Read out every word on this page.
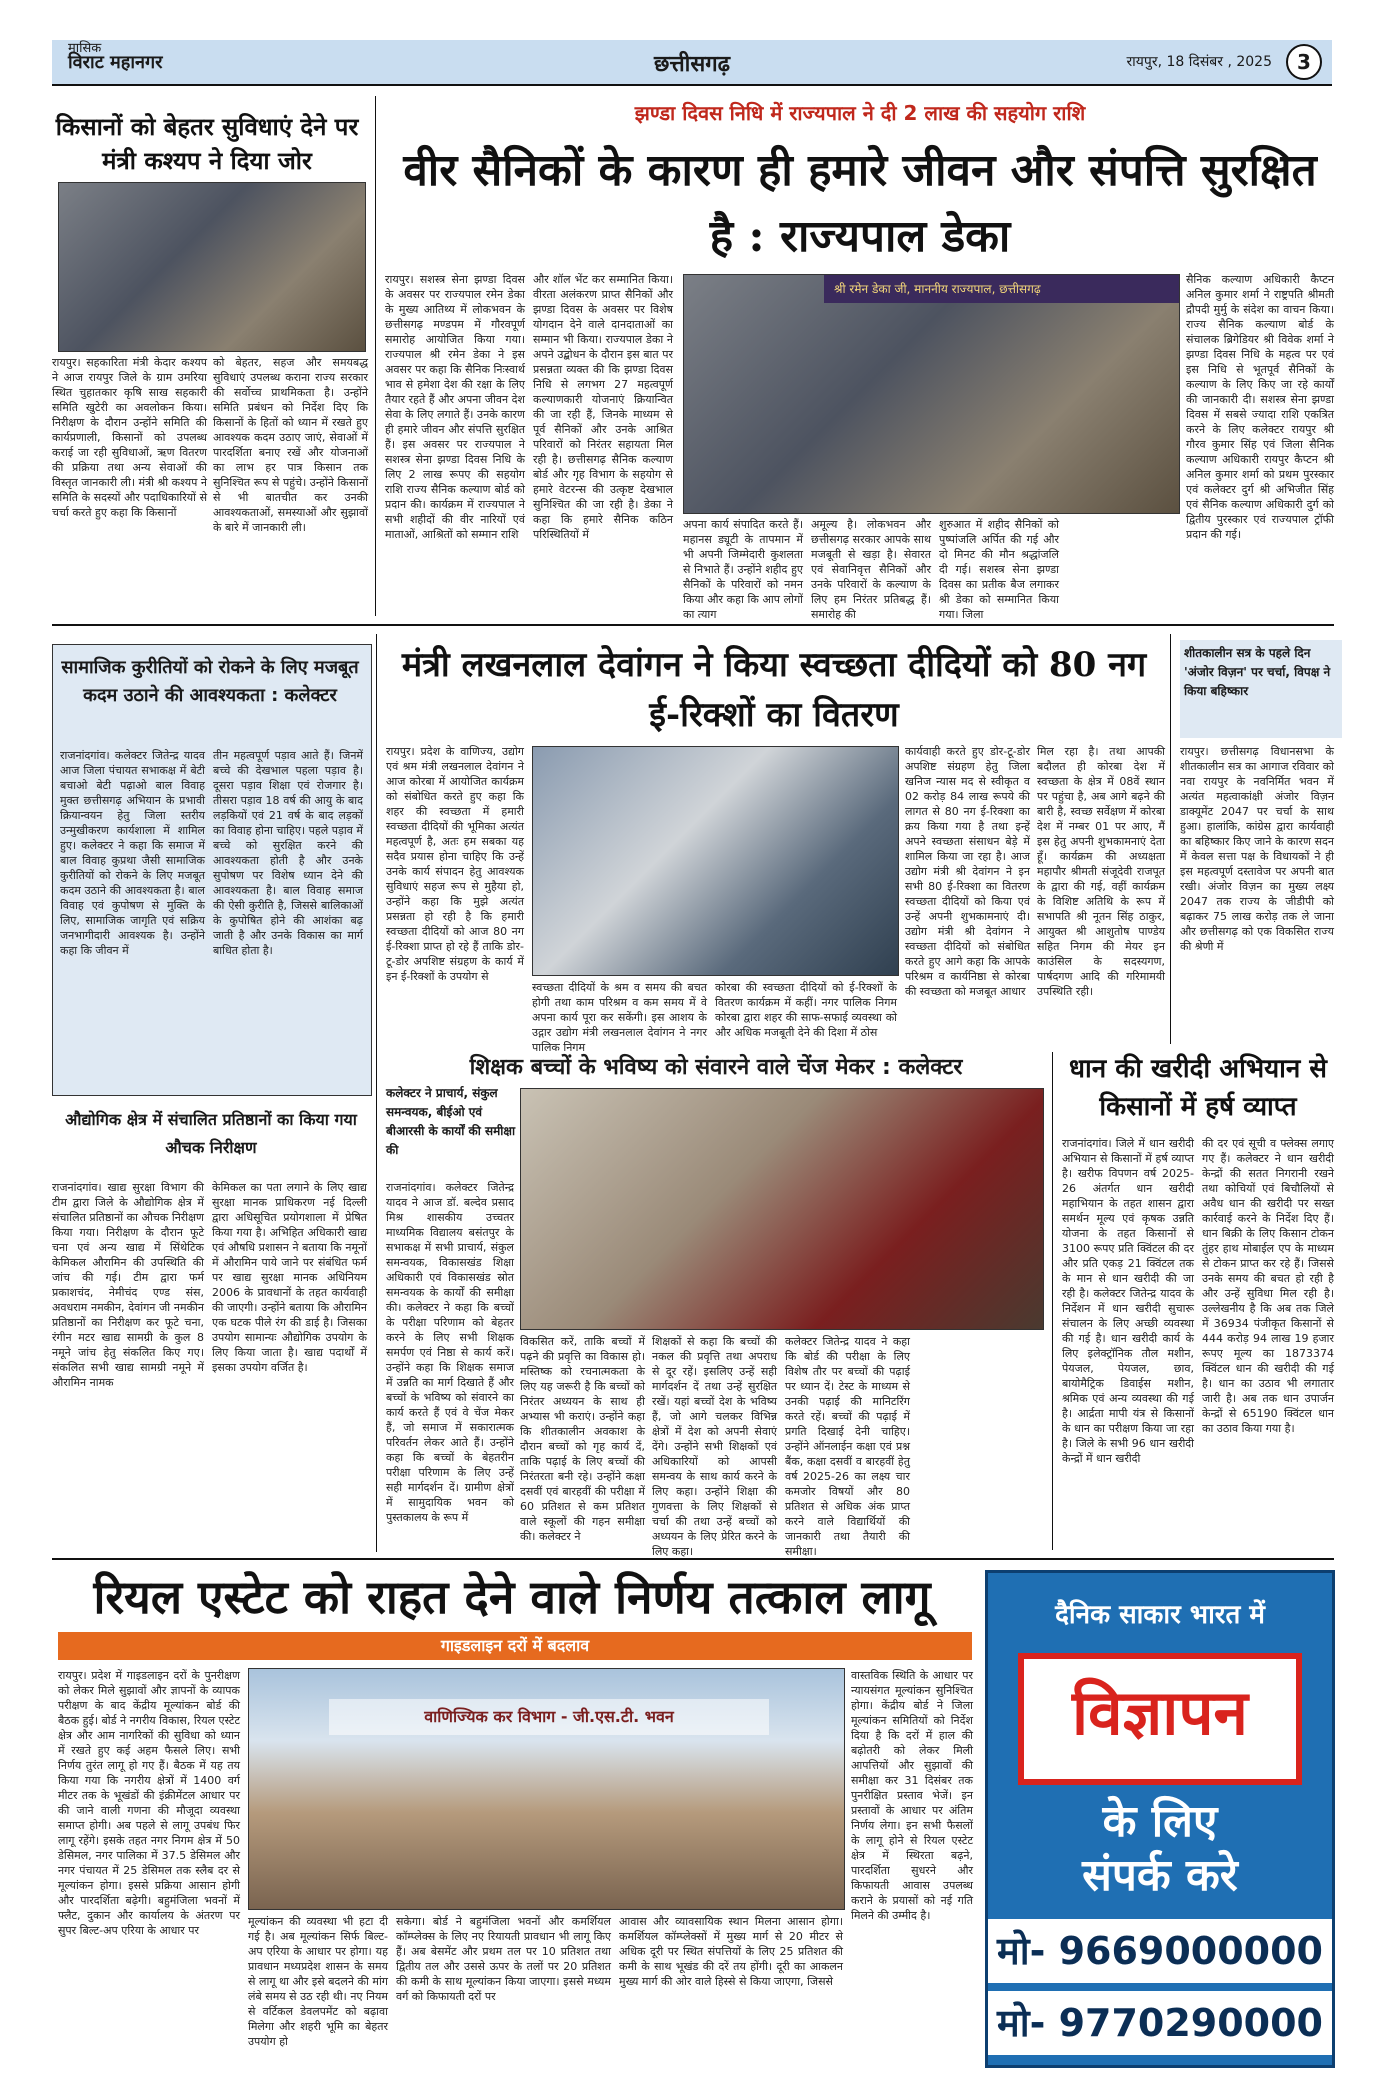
मासिक
विराट महानगर	छत्तीसगढ़	रायपुर, 18 दिसंबर , 2025	3
किसानों को बेहतर सुविधाएं देने पर मंत्री कश्यप ने दिया जोर
रायपुर। सहकारिता मंत्री केदार कश्यप ने आज रायपुर जिले के ग्राम उमरिया स्थित चुहातकार कृषि साख सहकारी समिति खुटेरी का अवलोकन किया। निरीक्षण के दौरान उन्होंने समिति की कार्यप्रणाली, किसानों को उपलब्ध कराई जा रही सुविधाओं, ऋण वितरण की प्रक्रिया तथा अन्य सेवाओं की विस्तृत जानकारी ली। मंत्री श्री कश्यप ने समिति के सदस्यों और पदाधिकारियों से चर्चा करते हुए कहा कि किसानों
को बेहतर, सहज और समयबद्ध सुविधाएं उपलब्ध कराना राज्य सरकार की सर्वोच्च प्राथमिकता है। उन्होंने समिति प्रबंधन को निर्देश दिए कि किसानों के हितों को ध्यान में रखते हुए आवश्यक कदम उठाए जाएं, सेवाओं में पारदर्शिता बनाए रखें और योजनाओं का लाभ हर पात्र किसान तक सुनिश्चित रूप से पहुंचे। उन्होंने किसानों से भी बातचीत कर उनकी आवश्यकताओं, समस्याओं और सुझावों के बारे में जानकारी ली।
झण्डा दिवस निधि में राज्यपाल ने दी 2 लाख की सहयोग राशि
वीर सैनिकों के कारण ही हमारे जीवन और संपत्ति सुरक्षित है : राज्यपाल डेका
रायपुर। सशस्त्र सेना झण्डा दिवस के अवसर पर राज्यपाल रमेन डेका के मुख्य आतिथ्य में लोकभवन के छत्तीसगढ़ मण्डपम में गौरवपूर्ण समारोह आयोजित किया गया। राज्यपाल श्री रमेन डेका ने इस अवसर पर कहा कि सैनिक निःस्वार्थ भाव से हमेशा देश की रक्षा के लिए तैयार रहते हैं और अपना जीवन देश सेवा के लिए लगाते हैं। उनके कारण ही हमारे जीवन और संपत्ति सुरक्षित हैं। इस अवसर पर राज्यपाल ने सशस्त्र सेना झण्डा दिवस निधि के लिए 2 लाख रूपए की सहयोग राशि राज्य सैनिक कल्याण बोर्ड को प्रदान की। कार्यक्रम में राज्यपाल ने सभी शहीदों की वीर नारियों एवं माताओं, आश्रितों को सम्मान राशि
और शॉल भेंट कर सम्मानित किया। वीरता अलंकरण प्राप्त सैनिकों और झण्डा दिवस के अवसर पर विशेष योगदान देने वाले दानदाताओं का सम्मान भी किया। राज्यपाल डेका ने अपने उद्बोधन के दौरान इस बात पर प्रसन्नता व्यक्त की कि झण्डा दिवस निधि से लगभग 27 महत्वपूर्ण कल्याणकारी योजनाएं क्रियान्वित की जा रही हैं, जिनके माध्यम से पूर्व सैनिकों और उनके आश्रित परिवारों को निरंतर सहायता मिल रही है। छत्तीसगढ़ सैनिक कल्याण बोर्ड और गृह विभाग के सहयोग से हमारे वेटरन्स की उत्कृष्ट देखभाल सुनिश्चित की जा रही है। डेका ने कहा कि हमारे सैनिक कठिन परिस्थितियों में
श्री रमेन डेका जी, माननीय राज्यपाल, छत्तीसगढ़
अपना कार्य संपादित करते हैं। महानस ड्यूटी के तापमान में भी अपनी जिम्मेदारी कुशलता से निभाते हैं। उन्होंने शहीद हुए सैनिकों के परिवारों को नमन किया और कहा कि आप लोगों का त्याग
अमूल्य है। लोकभवन और छत्तीसगढ़ सरकार आपके साथ मजबूती से खड़ा है। सेवारत एवं सेवानिवृत्त सैनिकों और उनके परिवारों के कल्याण के लिए हम निरंतर प्रतिबद्ध हैं। समारोह की
शुरुआत में शहीद सैनिकों को पुष्पांजलि अर्पित की गई और दो मिनट की मौन श्रद्धांजलि दी गई। सशस्त्र सेना झण्डा दिवस का प्रतीक बैज लगाकर श्री डेका को सम्मानित किया गया। जिला
सैनिक कल्याण अधिकारी कैप्टन अनिल कुमार शर्मा ने राष्ट्रपति श्रीमती द्रौपदी मुर्मु के संदेश का वाचन किया। राज्य सैनिक कल्याण बोर्ड के संचालक ब्रिगेडियर श्री विवेक शर्मा ने झण्डा दिवस निधि के महत्व पर एवं इस निधि से भूतपूर्व सैनिकों के कल्याण के लिए किए जा रहे कार्यों की जानकारी दी। सशस्त्र सेना झण्डा दिवस में सबसे ज्यादा राशि एकत्रित करने के लिए कलेक्टर रायपुर श्री गौरव कुमार सिंह एवं जिला सैनिक कल्याण अधिकारी रायपुर कैप्टन श्री अनिल कुमार शर्मा को प्रथम पुरस्कार एवं कलेक्टर दुर्ग श्री अभिजीत सिंह एवं सैनिक कल्याण अधिकारी दुर्ग को द्वितीय पुरस्कार एवं राज्यपाल ट्रॉफी प्रदान की गई।
सामाजिक कुरीतियों को रोकने के लिए मजबूत कदम उठाने की आवश्यकता : कलेक्टर
राजनांदगांव। कलेक्टर जितेन्द्र यादव आज जिला पंचायत सभाकक्ष में बेटी बचाओ बेटी पढ़ाओ बाल विवाह मुक्त छत्तीसगढ़ अभियान के प्रभावी क्रियान्वयन हेतु जिला स्तरीय उन्मुखीकरण कार्यशाला में शामिल हुए। कलेक्टर ने कहा कि समाज में बाल विवाह कुप्रथा जैसी सामाजिक कुरीतियों को रोकने के लिए मजबूत कदम उठाने की आवश्यकता है। बाल विवाह एवं कुपोषण से मुक्ति के लिए, सामाजिक जागृति एवं सक्रिय जनभागीदारी आवश्यक है। उन्होंने कहा कि जीवन में
तीन महत्वपूर्ण पड़ाव आते हैं। जिनमें बच्चे की देखभाल पहला पड़ाव है। दूसरा पड़ाव शिक्षा एवं रोजगार है। तीसरा पड़ाव 18 वर्ष की आयु के बाद लड़कियों एवं 21 वर्ष के बाद लड़कों का विवाह होना चाहिए। पहले पड़ाव में बच्चे को सुरक्षित करने की आवश्यकता होती है और उनके सुपोषण पर विशेष ध्यान देने की आवश्यकता है। बाल विवाह समाज की ऐसी कुरीति है, जिससे बालिकाओं के कुपोषित होने की आशंका बढ़ जाती है और उनके विकास का मार्ग बाधित होता है।
औद्योगिक क्षेत्र में संचालित प्रतिष्ठानों का किया गया औचक निरीक्षण
राजनांदगांव। खाद्य सुरक्षा विभाग की टीम द्वारा जिले के औद्योगिक क्षेत्र में संचालित प्रतिष्ठानों का औचक निरीक्षण किया गया। निरीक्षण के दौरान फूटे चना एवं अन्य खाद्य में सिंथेटिक केमिकल औरामिन की उपस्थिति की जांच की गई। टीम द्वारा फर्म प्रकाशचंद, नेमीचंद एण्ड संस, अवधराम नमकीन, देवांगन जी नमकीन प्रतिष्ठानों का निरीक्षण कर फूटे चना, रंगीन मटर खाद्य सामग्री के कुल 8 नमूने जांच हेतु संकलित किए गए। संकलित सभी खाद्य सामग्री नमूने में औरामिन नामक
केमिकल का पता लगाने के लिए खाद्य सुरक्षा मानक प्राधिकरण नई दिल्ली द्वारा अधिसूचित प्रयोगशाला में प्रेषित किया गया है। अभिहित अधिकारी खाद्य एवं औषधि प्रशासन ने बताया कि नमूनों में औरामिन पाये जाने पर संबंधित फर्म पर खाद्य सुरक्षा मानक अधिनियम 2006 के प्रावधानों के तहत कार्यवाही की जाएगी। उन्होंने बताया कि औरामिन एक घटक पीले रंग की डाई है। जिसका उपयोग सामान्यः औद्योगिक उपयोग के लिए किया जाता है। खाद्य पदार्थों में इसका उपयोग वर्जित है।
मंत्री लखनलाल देवांगन ने किया स्वच्छता दीदियों को 80 नग ई-रिक्शों का वितरण
रायपुर। प्रदेश के वाणिज्य, उद्योग एवं श्रम मंत्री लखनलाल देवांगन ने आज कोरबा में आयोजित कार्यक्रम को संबोधित करते हुए कहा कि शहर की स्वच्छता में हमारी स्वच्छता दीदियों की भूमिका अत्यंत महत्वपूर्ण है, अतः हम सबका यह सदैव प्रयास होना चाहिए कि उन्हें उनके कार्य संपादन हेतु आवश्यक सुविधाएं सहज रूप से मुहैया हो, उन्होंने कहा कि मुझे अत्यंत प्रसन्नता हो रही है कि हमारी स्वच्छता दीदियों को आज 80 नग ई-रिक्शा प्राप्त हो रहे हैं ताकि डोर-टू-डोर अपशिष्ट संग्रहण के कार्य में इन ई-रिक्शों के उपयोग से
स्वच्छता दीदियों के श्रम व समय की बचत होगी तथा काम परिश्रम व कम समय में वे अपना कार्य पूरा कर सकेंगी। इस आशय के उद्गार उद्योग मंत्री लखनलाल देवांगन ने नगर पालिक निगम
कोरबा की स्वच्छता दीदियों को ई-रिक्शों के वितरण कार्यक्रम में कहीं। नगर पालिक निगम कोरबा द्वारा शहर की साफ-सफाई व्यवस्था को और अधिक मजबूती देने की दिशा में ठोस
कार्यवाही करते हुए डोर-टू-डोर अपशिष्ट संग्रहण हेतु जिला खनिज न्यास मद से स्वीकृत व 02 करोड़ 84 लाख रूपये की लागत से 80 नग ई-रिक्शा का क्रय किया गया है तथा इन्हें अपने स्वच्छता संसाधन बेड़े में शामिल किया जा रहा है। आज उद्योग मंत्री श्री देवांगन ने इन सभी 80 ई-रिक्शा का वितरण स्वच्छता दीदियों को किया एवं उन्हें अपनी शुभकामनाएं दी। उद्योग मंत्री श्री देवांगन ने स्वच्छता दीदियों को संबोधित करते हुए आगे कहा कि आपके परिश्रम व कार्यनिष्ठा से कोरबा की स्वच्छता को मजबूत आधार
मिल रहा है। तथा आपकी बदौलत ही कोरबा देश में स्वच्छता के क्षेत्र में 08वें स्थान पर पहुंचा है, अब आगे बढ़ने की बारी है, स्वच्छ सर्वेक्षण में कोरबा देश में नम्बर 01 पर आए, मैं इस हेतु अपनी शुभकामनाएं देता हूँ। कार्यक्रम की अध्यक्षता महापौर श्रीमती संजूदेवी राजपूत के द्वारा की गई, वहीं कार्यक्रम के विशिष्ट अतिथि के रूप में सभापति श्री नूतन सिंह ठाकुर, आयुक्त श्री आशुतोष पाण्डेय सहित निगम की मेयर इन काउंसिल के सदस्यगण, पार्षदगण आदि की गरिमामयी उपस्थिति रही।
शीतकालीन सत्र के पहले दिन 'अंजोर विज़न' पर चर्चा, विपक्ष ने किया बहिष्कार
रायपुर। छत्तीसगढ़ विधानसभा के शीतकालीन सत्र का आगाज रविवार को नवा रायपुर के नवनिर्मित भवन में अत्यंत महत्वाकांक्षी अंजोर विज़न डाक्यूमेंट 2047 पर चर्चा के साथ हुआ। हालांकि, कांग्रेस द्वारा कार्यवाही का बहिष्कार किए जाने के कारण सदन में केवल सत्ता पक्ष के विधायकों ने ही इस महत्वपूर्ण दस्तावेज पर अपनी बात रखी। अंजोर विज़न का मुख्य लक्ष्य 2047 तक राज्य के जीडीपी को बढ़ाकर 75 लाख करोड़ तक ले जाना और छत्तीसगढ़ को एक विकसित राज्य की श्रेणी में
शिक्षक बच्चों के भविष्य को संवारने वाले चेंज मेकर : कलेक्टर
कलेक्टर ने प्राचार्य, संकुल समन्वयक, बीईओ एवं बीआरसी के कार्यों की समीक्षा की
राजनांदगांव। कलेक्टर जितेन्द्र यादव ने आज डॉ. बल्देव प्रसाद मिश्र शासकीय उच्चतर माध्यमिक विद्यालय बसंतपुर के सभाकक्ष में सभी प्राचार्य, संकुल समन्वयक, विकासखंड शिक्षा अधिकारी एवं विकासखंड स्रोत समन्वयक के कार्यों की समीक्षा की। कलेक्टर ने कहा कि बच्चों के परीक्षा परिणाम को बेहतर करने के लिए सभी शिक्षक समर्पण एवं निष्ठा से कार्य करें। उन्होंने कहा कि शिक्षक समाज में उन्नति का मार्ग दिखाते हैं और बच्चों के भविष्य को संवारने का कार्य करते हैं एवं वे चेंज मेकर हैं, जो समाज में सकारात्मक परिवर्तन लेकर आते हैं। उन्होंने कहा कि बच्चों के बेहतरीन परीक्षा परिणाम के लिए उन्हें सही मार्गदर्शन दें। ग्रामीण क्षेत्रों में सामुदायिक भवन को पुस्तकालय के रूप में
विकसित करें, ताकि बच्चों में पढ़ने की प्रवृत्ति का विकास हो। मस्तिष्क को रचनात्मकता के लिए यह जरूरी है कि बच्चों को निरंतर अध्ययन के साथ ही अभ्यास भी कराएं। उन्होंने कहा कि शीतकालीन अवकाश के दौरान बच्चों को गृह कार्य दें, ताकि पढ़ाई के लिए बच्चों की निरंतरता बनी रहे। उन्होंने कक्षा दसवीं एवं बारहवीं की परीक्षा में 60 प्रतिशत से कम प्रतिशत वाले स्कूलों की गहन समीक्षा की। कलेक्टर ने
शिक्षकों से कहा कि बच्चों की नकल की प्रवृत्ति तथा अपराध से दूर रहें। इसलिए उन्हें सही मार्गदर्शन दें तथा उन्हें सुरक्षित रखें। यहां बच्चों देश के भविष्य हैं, जो आगे चलकर विभिन्न क्षेत्रों में देश को अपनी सेवाएं देंगे। उन्होंने सभी शिक्षकों एवं अधिकारियों को आपसी समन्वय के साथ कार्य करने के लिए कहा। उन्होंने शिक्षा की गुणवत्ता के लिए शिक्षकों से चर्चा की तथा उन्हें बच्चों को अध्ययन के लिए प्रेरित करने के लिए कहा।
कलेक्टर जितेन्द्र यादव ने कहा कि बोर्ड की परीक्षा के लिए विशेष तौर पर बच्चों की पढ़ाई पर ध्यान दें। टेस्ट के माध्यम से उनकी पढ़ाई की मानिटरिंग करते रहें। बच्चों की पढ़ाई में प्रगति दिखाई देनी चाहिए। उन्होंने ऑनलाईन कक्षा एवं प्रश्न बैंक, कक्षा दसवीं व बारहवीं हेतु वर्ष 2025-26 का लक्ष्य चार कमजोर विषयों और 80 प्रतिशत से अधिक अंक प्राप्त करने वाले विद्यार्थियों की जानकारी तथा तैयारी की समीक्षा।
धान की खरीदी अभियान से किसानों में हर्ष व्याप्त
राजनांदगांव। जिले में धान खरीदी अभियान से किसानों में हर्ष व्याप्त है। खरीफ विपणन वर्ष 2025-26 अंतर्गत धान खरीदी महाभियान के तहत शासन द्वारा समर्थन मूल्य एवं कृषक उन्नति योजना के तहत किसानों से 3100 रूपए प्रति क्विंटल की दर और प्रति एकड़ 21 क्विंटल तक के मान से धान खरीदी की जा रही है। कलेक्टर जितेन्द्र यादव के निर्देशन में धान खरीदी सुचारू संचालन के लिए अच्छी व्यवस्था की गई है। धान खरीदी कार्य के लिए इलेक्ट्रॉनिक तौल मशीन, पेयजल, पेयजल, छाव, बायोमैट्रिक डिवाईस मशीन, श्रमिक एवं अन्य व्यवस्था की गई है। आर्द्रता मापी यंत्र से किसानों के धान का परीक्षण किया जा रहा है। जिले के सभी 96 धान खरीदी केन्द्रों में धान खरीदी
की दर एवं सूची व फ्लेक्स लगाए गए हैं। कलेक्टर ने धान खरीदी केन्द्रों की सतत निगरानी रखने तथा कोचियों एवं बिचौलियों से अवैध धान की खरीदी पर सख्त कार्रवाई करने के निर्देश दिए हैं। धान बिक्री के लिए किसान टोकन तुंहर हाथ मोबाईल एप के माध्यम से टोकन प्राप्त कर रहे हैं। जिससे उनके समय की बचत हो रही है और उन्हें सुविधा मिल रही है। उल्लेखनीय है कि अब तक जिले में 36934 पंजीकृत किसानों से 444 करोड़ 94 लाख 19 हजार रूपए मूल्य का 1873374 क्विंटल धान की खरीदी की गई है। धान का उठाव भी लगातार जारी है। अब तक धान उपार्जन केन्द्रों से 65190 क्विंटल धान का उठाव किया गया है।
रियल एस्टेट को राहत देने वाले निर्णय तत्काल लागू
गाइडलाइन दरों में बदलाव
रायपुर। प्रदेश में गाइडलाइन दरों के पुनरीक्षण को लेकर मिले सुझावों और ज्ञापनों के व्यापक परीक्षण के बाद केंद्रीय मूल्यांकन बोर्ड की बैठक हुई। बोर्ड ने नगरीय विकास, रियल एस्टेट क्षेत्र और आम नागरिकों की सुविधा को ध्यान में रखते हुए कई अहम फैसले लिए। सभी निर्णय तुरंत लागू हो गए हैं। बैठक में यह तय किया गया कि नगरीय क्षेत्रों में 1400 वर्ग मीटर तक के भूखंडों की इंक्रीमेंटल आधार पर की जाने वाली गणना की मौजूदा व्यवस्था समाप्त होगी। अब पहले से लागू उपबंध फिर लागू रहेंगे। इसके तहत नगर निगम क्षेत्र में 50 डेसिमल, नगर पालिका में 37.5 डेसिमल और नगर पंचायत में 25 डेसिमल तक स्लैब दर से मूल्यांकन होगा। इससे प्रक्रिया आसान होगी और पारदर्शिता बढ़ेगी। बहुमंजिला भवनों में फ्लैट, दुकान और कार्यालय के अंतरण पर सुपर बिल्ट-अप एरिया के आधार पर
वाणिज्यिक कर विभाग - जी.एस.टी. भवन
मूल्यांकन की व्यवस्था भी हटा दी गई है। अब मूल्यांकन सिर्फ बिल्ट-अप एरिया के आधार पर होगा। यह प्रावधान मध्यप्रदेश शासन के समय से लागू था और इसे बदलने की मांग लंबे समय से उठ रही थी। नए नियम से वर्टिकल डेवलपमेंट को बढ़ावा मिलेगा और शहरी भूमि का बेहतर उपयोग हो
सकेगा। बोर्ड ने बहुमंजिला भवनों और कमर्शियल कॉम्प्लेक्स के लिए नए रियायती प्रावधान भी लागू किए हैं। अब बेसमेंट और प्रथम तल पर 10 प्रतिशत तथा द्वितीय तल और उससे ऊपर के तलों पर 20 प्रतिशत की कमी के साथ मूल्यांकन किया जाएगा। इससे मध्यम वर्ग को किफायती दरों पर
आवास और व्यावसायिक स्थान मिलना आसान होगा। कमर्शियल कॉम्प्लेक्सों में मुख्य मार्ग से 20 मीटर से अधिक दूरी पर स्थित संपत्तियों के लिए 25 प्रतिशत की कमी के साथ भूखंड की दरें तय होंगी। दूरी का आकलन मुख्य मार्ग की ओर वाले हिस्से से किया जाएगा, जिससे
वास्तविक स्थिति के आधार पर न्यायसंगत मूल्यांकन सुनिश्चित होगा। केंद्रीय बोर्ड ने जिला मूल्यांकन समितियों को निर्देश दिया है कि दरों में हाल की बढ़ोतरी को लेकर मिली आपत्तियों और सुझावों की समीक्षा कर 31 दिसंबर तक पुनरीक्षित प्रस्ताव भेजें। इन प्रस्तावों के आधार पर अंतिम निर्णय लेगा। इन सभी फैसलों के लागू होने से रियल एस्टेट क्षेत्र में स्थिरता बढ़ने, पारदर्शिता सुधरने और किफायती आवास उपलब्ध कराने के प्रयासों को नई गति मिलने की उम्मीद है।
दैनिक साकार भारत में
विज्ञापन
के लिए
संपर्क करे
मो- 9669000000
मो- 9770290000
